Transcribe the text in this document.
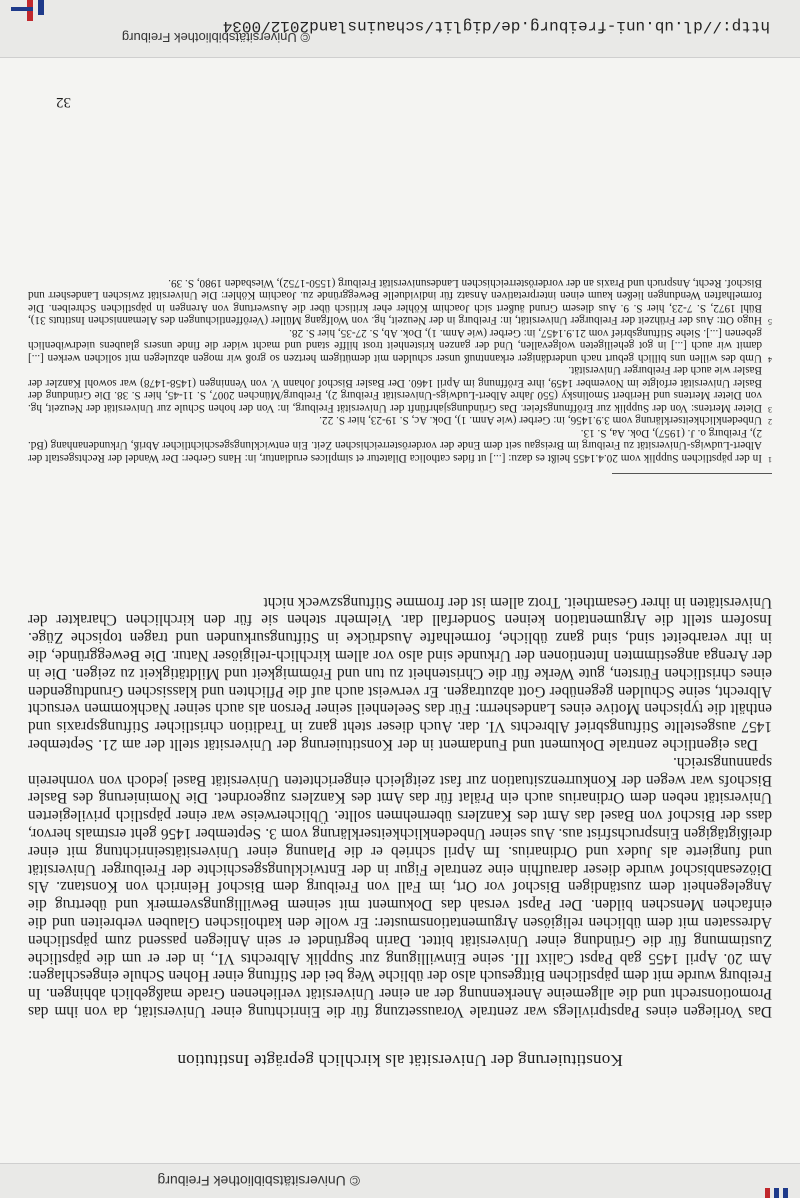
© Universitätsbibliothek Freiburg
Konstituierung der Universität als kirchlich geprägte Institution

Das Vorliegen eines Papstprivilegs war zentrale Voraussetzung für die Einrichtung einer Universität, da von ihm das Promotionsrecht und die allgemeine Anerkennung der an einer Universität verliehenen Grade maßgeblich abhingen. In Freiburg wurde mit dem päpstlichen Bittgesuch also der übliche Weg bei der Stiftung einer Hohen Schule eingeschlagen: Am 20. April 1455 gab Papst Calixt III. seine Einwilligung zur Supplik Albrechts VI., in der er um die päpstliche Zustimmung für die Gründung einer Universität bittet. Darin begründet er sein Anliegen passend zum päpstlichen Adressaten mit dem üblichen religiösen Argumentationsmuster: Er wolle den katholischen Glauben verbreiten und die einfachen Menschen bilden. Der Papst versah das Dokument mit seinem Bewilligungsvermerk und übertrug die Angelegenheit dem zuständigen Bischof vor Ort, im Fall von Freiburg dem Bischof Heinrich von Konstanz. Als Diözesanbischof wurde dieser daraufhin eine zentrale Figur in der Entwicklungsgeschichte der Freiburger Universität und fungierte als Judex und Ordinarius. Im April schrieb er die Planung einer Universitätseinrichtung mit einer dreißigtägigen Einspruchsfrist aus. Aus seiner Unbedenklichkeitserklärung vom 3. September 1456 geht erstmals hervor, dass der Bischof von Basel das Amt des Kanzlers übernehmen sollte. Üblicherweise war einer päpstlich privilegierten Universität neben dem Ordinarius auch ein Prälat für das Amt des Kanzlers zugeordnet. Die Nominierung des Basler Bischofs war wegen der Konkurrenzsituation zur fast zeitgleich eingerichteten Universität Basel jedoch von vornherein spannungsreich.

Das eigentliche zentrale Dokument und Fundament in der Konstituierung der Universität stellt der am 21. September 1457 ausgestellte Stiftungsbrief Albrechts VI. dar. Auch dieser steht ganz in Tradition christlicher Stiftungspraxis und enthält die typischen Motive eines Landesherrn: Für das Seelenheil seiner Person als auch seiner Nachkommen versucht Albrecht, seine Schulden gegenüber Gott abzutragen. Er verweist auch auf die Pflichten und klassischen Grundtugenden eines christlichen Fürsten, gute Werke für die Christenheit zu tun und Frömmigkeit und Mildtätigkeit zu zeigen. Die in der Arenga angestimmten Intentionen der Urkunde sind also vor allem kirchlich-religiöser Natur. Die Beweggründe, die in ihr verarbeitet sind, sind ganz übliche, formelhafte Ausdrücke in Stiftungsurkunden und tragen topische Züge. Insofern stellt die Argumentation keinen Sonderfall dar. Vielmehr stehen sie für den kirchlichen Charakter der Universitäten in ihrer Gesamtheit. Trotz allem ist der fromme Stiftungszweck nicht

1
In der päpstlichen Supplik vom 20.4.1455 heißt es dazu: [...] ut fides catholica Dilatetur et simplices erudiantur, in: Hans Gerber: Der Wandel der Rechtsgestalt der Albert-Ludwigs-Universität zu Freiburg im Breisgau seit dem Ende der vorderösterreichischen Zeit. Ein entwicklungsgeschichtlicher Abriß, Urkundenanhang (Bd. 2), Freiburg o. J. (1957), Dok. Aa, S. 13.
2
Unbedenklichkeitserklärung vom 3.9.1456, in: Gerber (wie Anm. 1), Dok. Ac, S. 19-23, hier S. 22.
3
Dieter Mertens: Von der Supplik zur Eröffnungsfeier. Das Gründungsjahrfünft der Universität Freiburg, in: Von der hohen Schule zur Universität der Neuzeit, hg. von Dieter Mertens und Heribert Smolinsky (550 Jahre Albert-Ludwigs-Universität Freiburg 2), Freiburg/München 2007, S. 11-45, hier S. 38. Die Gründung der Basler Universität erfolgte im November 1459, ihre Eröffnung im April 1460. Der Basler Bischof Johann V. von Venningen (1458-1478) war sowohl Kanzler der Basler wie auch der Freiburger Universität.
4
Umb des willen uns billich geburt nach underdäniger erkanntnuß unser schulden mit demütigem hertzen so groß wir mogen abzulegen mit solichen werken [...] damit wir auch [...] in got geheiligeten wolgevallen, Und der ganzen kristenheit trost hilffe stand und macht wider die finde unsers glaubens uiedrwibenlich gebenen [...]. Siehe Stiftungsbrief vom 21.9.1457, in: Gerber (wie Anm. 1), Dok. Ab, S. 27-35, hier S. 28.
5
Hugo Ott: Aus der Frühzeit der Freiburger Universität, in: Freiburg in der Neuzeit, hg. von Wolfgang Müller (Veröffentlichungen des Alemannischen Instituts 31), Bühl 1972, S. 7-23, hier S. 9. Aus diesem Grund äußert sich Joachim Köhler eher kritisch über die Auswertung von Arengen in päpstlichen Schreiben. Die formelhaften Wendungen ließen kaum einen interpretativen Ansatz für individuelle Beweggründe zu. Joachim Köhler: Die Universität zwischen Landesherr und Bischof. Recht, Anspruch und Praxis an der vorderösterreichischen Landesuniversität Freiburg (1550-1752), Wiesbaden 1980, S. 39.
32
http://dl.ub.uni-freiburg.de/diglit/schauinsland2012/0034
© Universitätsbibliothek Freiburg
